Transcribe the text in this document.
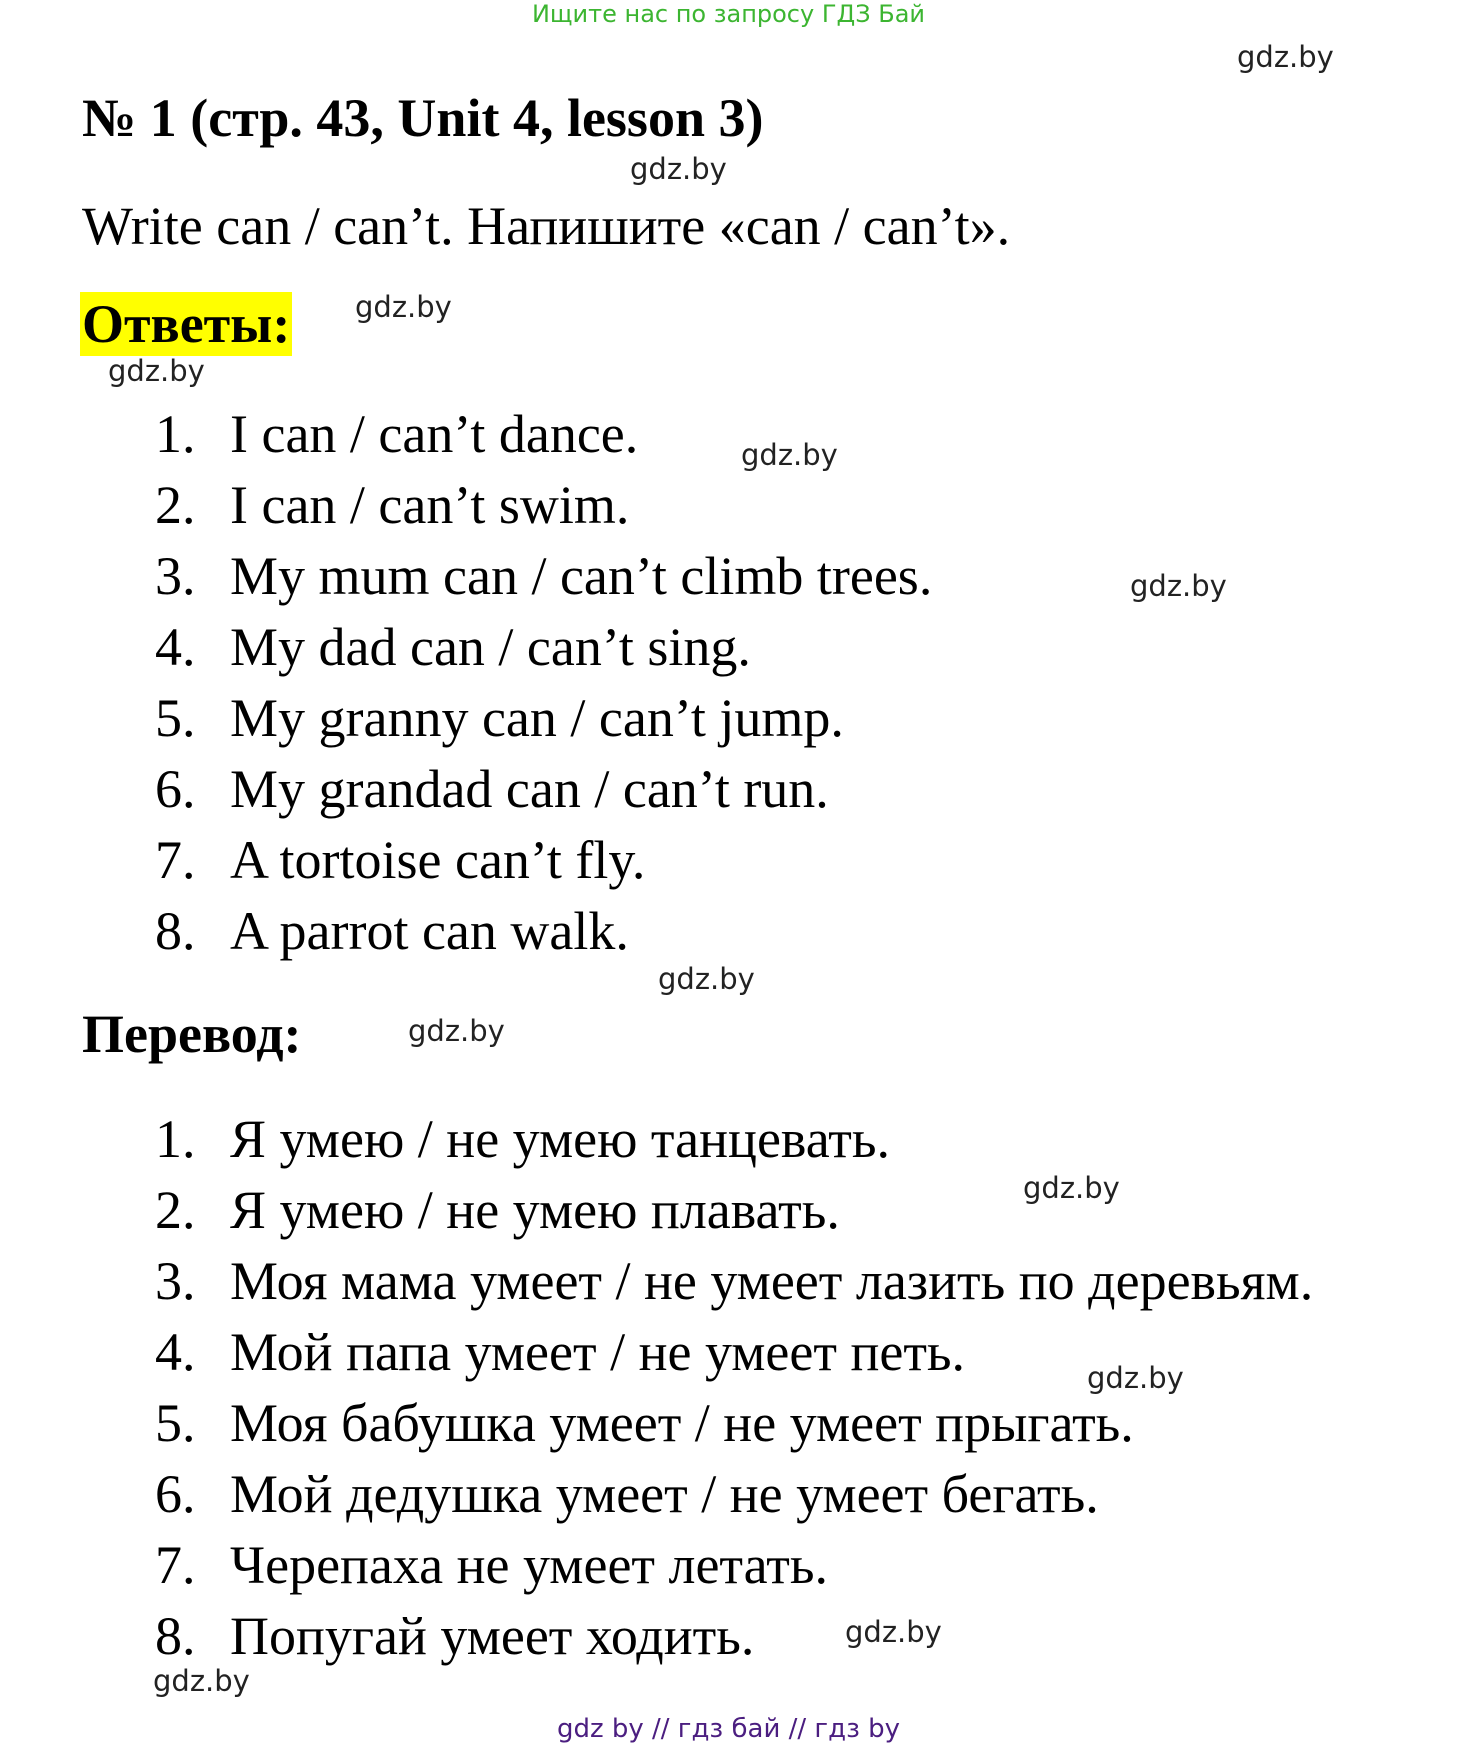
Ищите нас по запросу ГДЗ Бай
№ 1 (стр. 43, Unit 4, lesson 3)
Write can / can’t. Напишите «can / can’t».
Ответы:
1. I can / can’t dance.
2. I can / can’t swim.
3. My mum can / can’t climb trees.
4. My dad can / can’t sing.
5. My granny can / can’t jump.
6. My grandad can / can’t run.
7. A tortoise can’t fly.
8. A parrot can walk.
Перевод:
1. Я умею / не умею танцевать.
2. Я умею / не умею плавать.
3. Моя мама умеет / не умеет лазить по деревьям.
4. Мой папа умеет / не умеет петь.
5. Моя бабушка умеет / не умеет прыгать.
6. Мой дедушка умеет / не умеет бегать.
7. Черепаха не умеет летать.
8. Попугай умеет ходить.
gdz.by
gdz.by
gdz.by
gdz.by
gdz.by
gdz.by
gdz.by
gdz.by
gdz.by
gdz.by
gdz.by
gdz.by
gdz by // гдз бай // гдз by
